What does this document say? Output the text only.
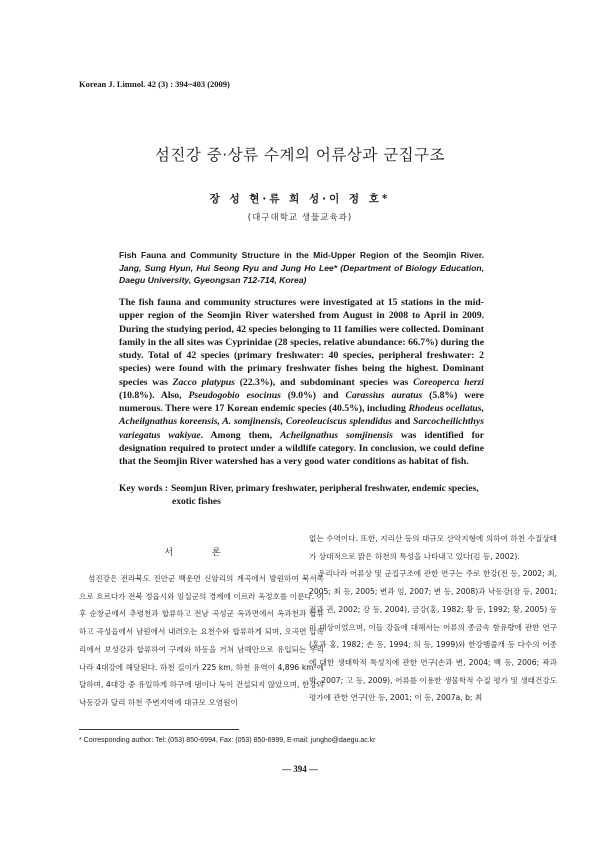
Korean J. Limnol. 42 (3) : 394~403 (2009)
섬진강 중·상류 수계의 어류상과 군집구조
장 성 현·류 희 성·이 정 호*
(대구대학교 생물교육과)
Fish Fauna and Community Structure in the Mid-Upper Region of the Seomjin River. Jang, Sung Hyun, Hui Seong Ryu and Jung Ho Lee* (Department of Biology Education, Daegu University, Gyeongsan 712-714, Korea)
The fish fauna and community structures were investigated at 15 stations in the mid-upper region of the Seomjin River watershed from August in 2008 to April in 2009. During the studying period, 42 species belonging to 11 families were collected. Dominant family in the all sites was Cyprinidae (28 species, relative abundance: 66.7%) during the study. Total of 42 species (primary freshwater: 40 species, peripheral freshwater: 2 species) were found with the primary freshwater fishes being the highest. Dominant species was Zacco platypus (22.3%), and subdominant species was Coreoperca herzi (10.8%). Also, Pseudogobio esocinus (9.0%) and Carassius auratus (5.8%) were numerous. There were 17 Korean endemic species (40.5%), including Rhodeus ocellatus, Acheilgnathus koreensis, A. somjinensis, Coreoleuciscus splendidus and Sarcocheilichthys variegatus wakiyae. Among them, Acheilgnathus somjinensis was identified for designation required to protect under a wildlife category. In conclusion, we could define that the Seomjin River watershed has a very good water conditions as habitat of fish.
Key words : Seomjun River, primary freshwater, peripheral freshwater, endemic species, exotic fishes
서 론

섬진강은 전라북도 진안군 백운면 신암리의 계곡에서 발원하여 북서쪽으로 흐르다가 전북 정읍시와 임실군의 경계에 이르러 옥정호를 이룬다. 이후 순창군에서 추령천과 합류하고 전남 곡성군 옥과면에서 옥과천과 합류하고 곡성읍에서 남원에서 내려오는 요천수와 합류하게 되며, 오곡면 압록리에서 보성강과 합류하여 구례와 하동을 거쳐 남해안으로 유입되는 우리나라 4대강에 해당된다. 하천 길이가 225 km, 하천 유역이 4,896 km²에 달하며, 4대강 중 유일하게 하구에 댐이나 둑이 건설되지 않았으며, 한강과 낙동강과 달리 하천 주변지역에 대규모 오염원이

없는 수역이다. 또한, 지리산 등의 대규모 산악지형에 의하여 하천 수질상태가 상대적으로 맑은 하천의 특성을 나타내고 있다(김 등, 2002).

우리나라 어류상 및 군집구조에 관한 연구는 주로 한강(전 등, 2002; 최, 2005; 최 등, 2005; 변과 임, 2007; 변 등, 2008)과 낙동강(장 등, 2001; 전과 권, 2002; 강 등, 2004), 금강(홍, 1982; 황 등, 1992; 황, 2005) 등이 대상이었으며, 이들 강들에 대해서는 어류의 종금속 함유량에 관한 연구(홍과 홍, 1982; 손 등, 1994; 허 등, 1999)와 한강뱀줄개 등 다수의 어종에 대한 생태학적 특성치에 관한 연구(손과 변, 2004; 백 등, 2006; 곽과 박, 2007; 고 등, 2009), 어류를 이용한 생물학적 수질 평가 및 생태건강도 평가에 관한 연구(안 등, 2001; 이 등, 2007a, b; 최

* Corresponding author: Tel: (053) 850-6994, Fax: (053) 850-6999, E-mail: jungho@daegu.ac.kr
— 394 —
